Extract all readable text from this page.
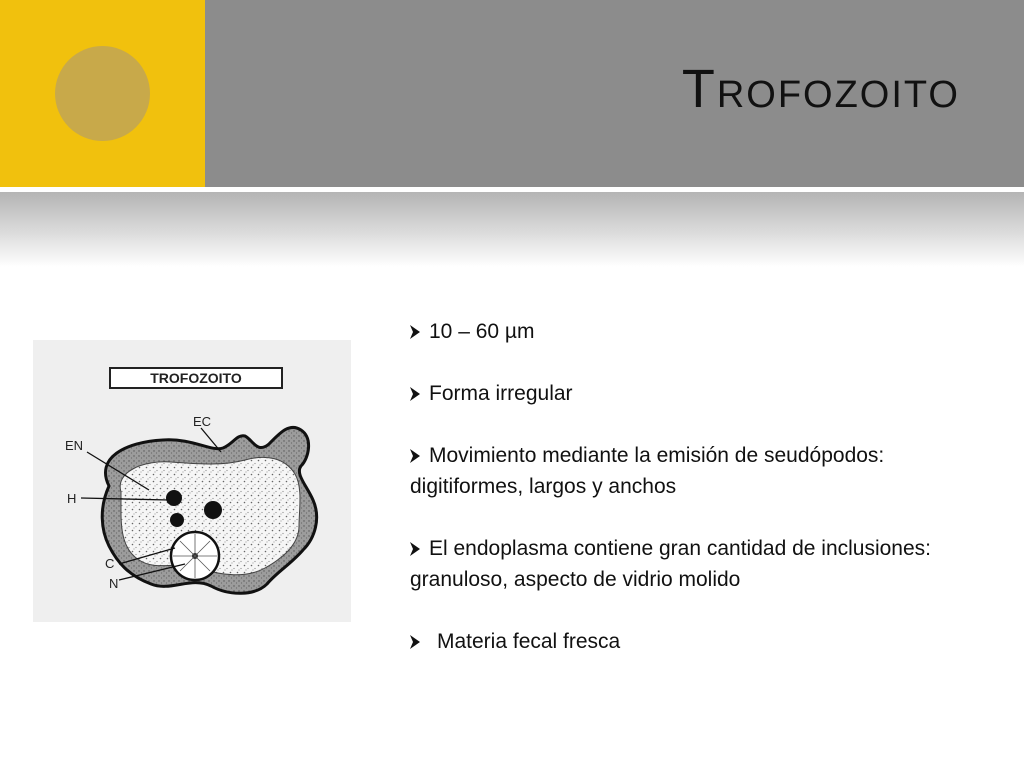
Trofozoito
TROFOZOITO
EN
EC
H
C
N
10 – 60 µm
Forma irregular
Movimiento mediante la emisión de seudópodos: digitiformes, largos y anchos
El endoplasma contiene gran cantidad de inclusiones: granuloso, aspecto de vidrio molido
Materia fecal fresca
